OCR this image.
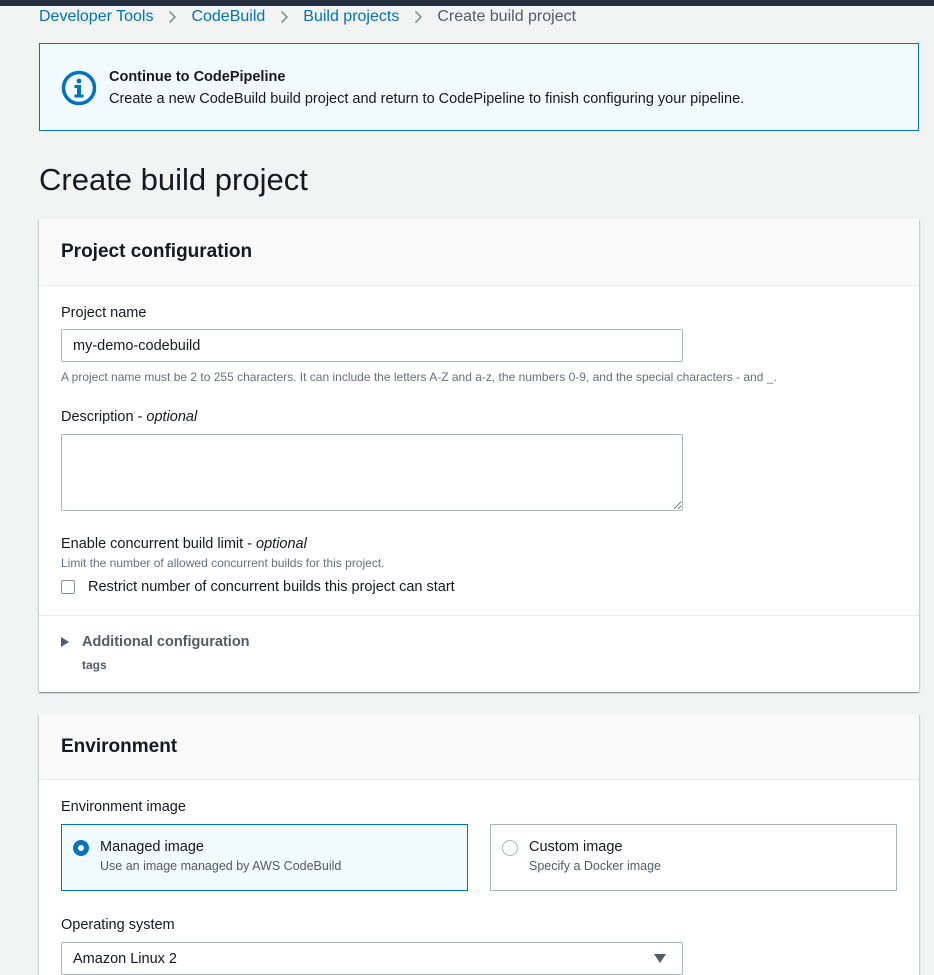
Developer Tools CodeBuild Build projects Create build project
Continue to CodePipeline
Create a new CodeBuild build project and return to CodePipeline to finish configuring your pipeline.
Create build project
Project configuration
Project name
my-demo-codebuild
A project name must be 2 to 255 characters. It can include the letters A-Z and a-z, the numbers 0-9, and the special characters - and _.
Description - optional
Enable concurrent build limit - optional
Limit the number of allowed concurrent builds for this project.
Restrict number of concurrent builds this project can start
Additional configuration
tags
Environment
Environment image
Managed image
Use an image managed by AWS CodeBuild
Custom image
Specify a Docker image
Operating system
Amazon Linux 2
